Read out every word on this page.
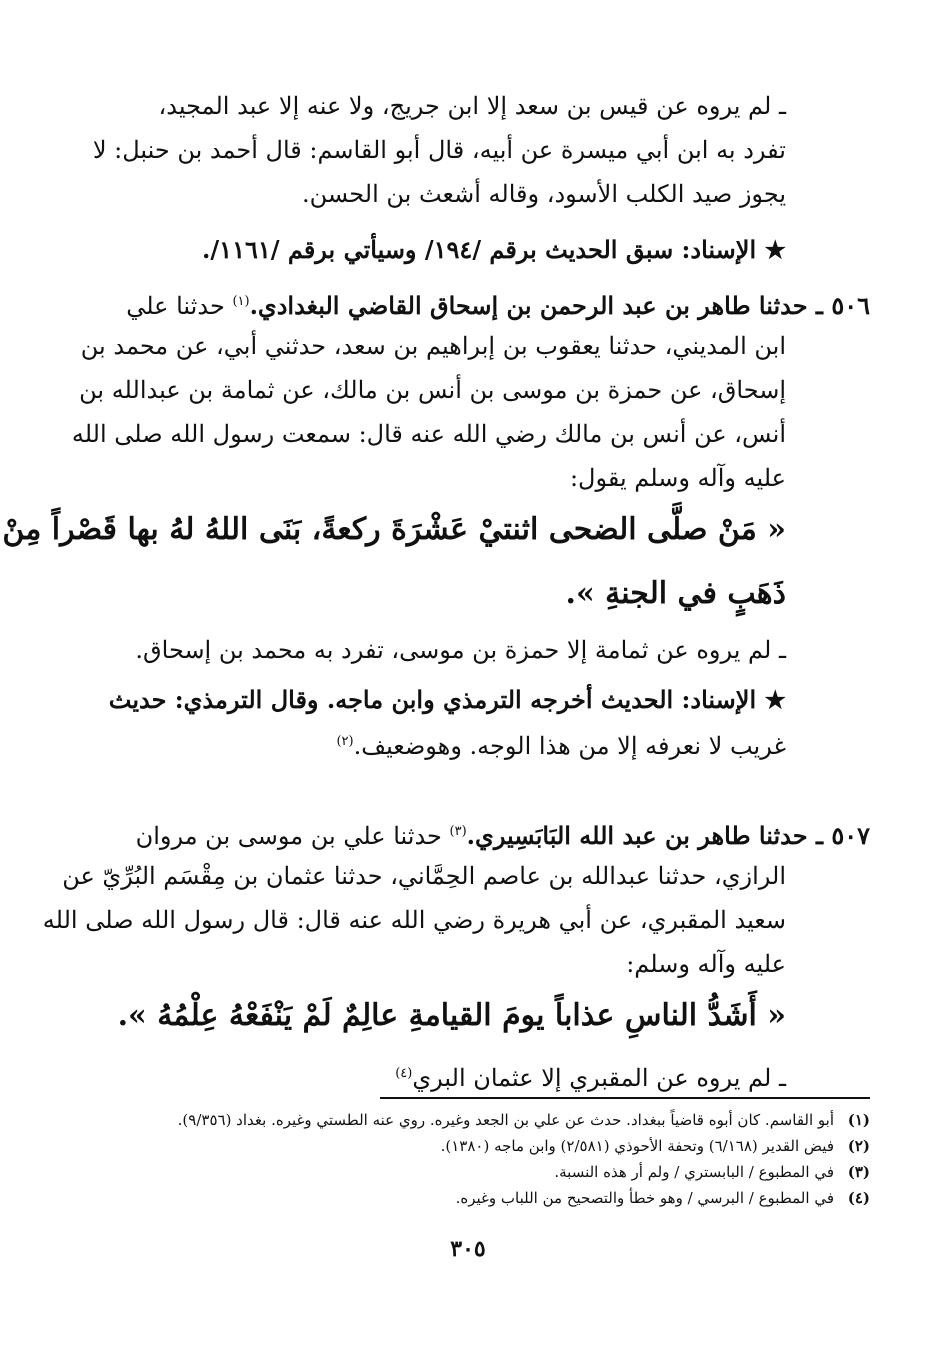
ـ لم يروه عن قيس بن سعد إلا ابن جريج، ولا عنه إلا عبد المجيد،
تفرد به ابن أبي ميسرة عن أبيه، قال أبو القاسم: قال أحمد بن حنبل: لا
يجوز صيد الكلب الأسود، وقاله أشعث بن الحسن.
★ الإسناد: سبق الحديث برقم /١٩٤/ وسيأتي برقم /١١٦١/.
٥٠٦ ـ حدثنا طاهر بن عبد الرحمن بن إسحاق القاضي البغدادي.$^{(١)}$ حدثنا علي
ابن المديني، حدثنا يعقوب بن إبراهيم بن سعد، حدثني أبي، عن محمد بن
إسحاق، عن حمزة بن موسى بن أنس بن مالك، عن ثمامة بن عبدالله بن
أنس، عن أنس بن مالك رضي الله عنه قال: سمعت رسول الله صلى الله
عليه وآله وسلم يقول:
« مَنْ صلَّى الضحى اثنتيْ عَشْرَةَ ركعةً، بَنَى اللهُ لهُ بها قَصْراً مِنْ
ذَهَبٍ في الجنةِ ».
ـ لم يروه عن ثمامة إلا حمزة بن موسى، تفرد به محمد بن إسحاق.
★ الإسناد: الحديث أخرجه الترمذي وابن ماجه. وقال الترمذي: حديث
غريب لا نعرفه إلا من هذا الوجه. وهوضعيف.$^{(٢)}$
٥٠٧ ـ حدثنا طاهر بن عبد الله البَابَسِيري.$^{(٣)}$ حدثنا علي بن موسى بن مروان
الرازي، حدثنا عبدالله بن عاصم الحِمَّاني، حدثنا عثمان بن مِقْسَم البُرِّيّ عن
سعيد المقبري، عن أبي هريرة رضي الله عنه قال: قال رسول الله صلى الله
عليه وآله وسلم:
« أَشَدُّ الناسِ عذاباً يومَ القيامةِ عالِمٌ لَمْ يَنْفَعْهُ عِلْمُهُ ».
ـ لم يروه عن المقبري إلا عثمان البري$^{(٤)}$
(١)أبو القاسم. كان أبوه قاضياً ببغداد. حدث عن علي بن الجعد وغيره. روي عنه الطستي وغيره. بغداد (٩/٣٥٦).
(٢)فيض القدير (٦/١٦٨) وتحفة الأحوذي (٢/٥٨١) وابن ماجه (١٣٨٠).
(٣)في المطبوع / البابستري / ولم أر هذه النسبة.
(٤)في المطبوع / البرسي / وهو خطأ والتصحيح من اللباب وغيره.
٣٠٥
